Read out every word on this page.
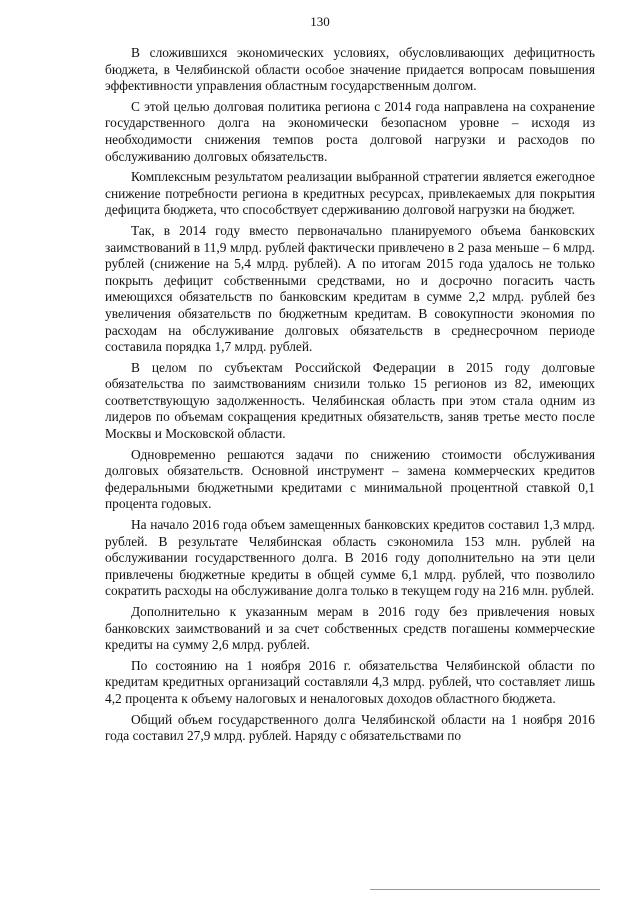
130

В сложившихся экономических условиях, обусловливающих дефицитность бюджета, в Челябинской области особое значение придается вопросам повышения эффективности управления областным государственным долгом.

С этой целью долговая политика региона с 2014 года направлена на сохранение государственного долга на экономически безопасном уровне – исходя из необходимости снижения темпов роста долговой нагрузки и расходов по обслуживанию долговых обязательств.

Комплексным результатом реализации выбранной стратегии является ежегодное снижение потребности региона в кредитных ресурсах, привлекаемых для покрытия дефицита бюджета, что способствует сдерживанию долговой нагрузки на бюджет.

Так, в 2014 году вместо первоначально планируемого объема банковских заимствований в 11,9 млрд. рублей фактически привлечено в 2 раза меньше – 6 млрд. рублей (снижение на 5,4 млрд. рублей). А по итогам 2015 года удалось не только покрыть дефицит собственными средствами, но и досрочно погасить часть имеющихся обязательств по банковским кредитам в сумме 2,2 млрд. рублей без увеличения обязательств по бюджетным кредитам. В совокупности экономия по расходам на обслуживание долговых обязательств в среднесрочном периоде составила порядка 1,7 млрд. рублей.

В целом по субъектам Российской Федерации в 2015 году долговые обязательства по заимствованиям снизили только 15 регионов из 82, имеющих соответствующую задолженность. Челябинская область при этом стала одним из лидеров по объемам сокращения кредитных обязательств, заняв третье место после Москвы и Московской области.

Одновременно решаются задачи по снижению стоимости обслуживания долговых обязательств. Основной инструмент – замена коммерческих кредитов федеральными бюджетными кредитами с минимальной процентной ставкой 0,1 процента годовых.

На начало 2016 года объем замещенных банковских кредитов составил 1,3 млрд. рублей. В результате Челябинская область сэкономила 153 млн. рублей на обслуживании государственного долга. В 2016 году дополнительно на эти цели привлечены бюджетные кредиты в общей сумме 6,1 млрд. рублей, что позволило сократить расходы на обслуживание долга только в текущем году на 216 млн. рублей.

Дополнительно к указанным мерам в 2016 году без привлечения новых банковских заимствований и за счет собственных средств погашены коммерческие кредиты на сумму 2,6 млрд. рублей.

По состоянию на 1 ноября 2016 г. обязательства Челябинской области по кредитам кредитных организаций составляли 4,3 млрд. рублей, что составляет лишь 4,2 процента к объему налоговых и неналоговых доходов областного бюджета.

Общий объем государственного долга Челябинской области на 1 ноября 2016 года составил 27,9 млрд. рублей. Наряду с обязательствами по
